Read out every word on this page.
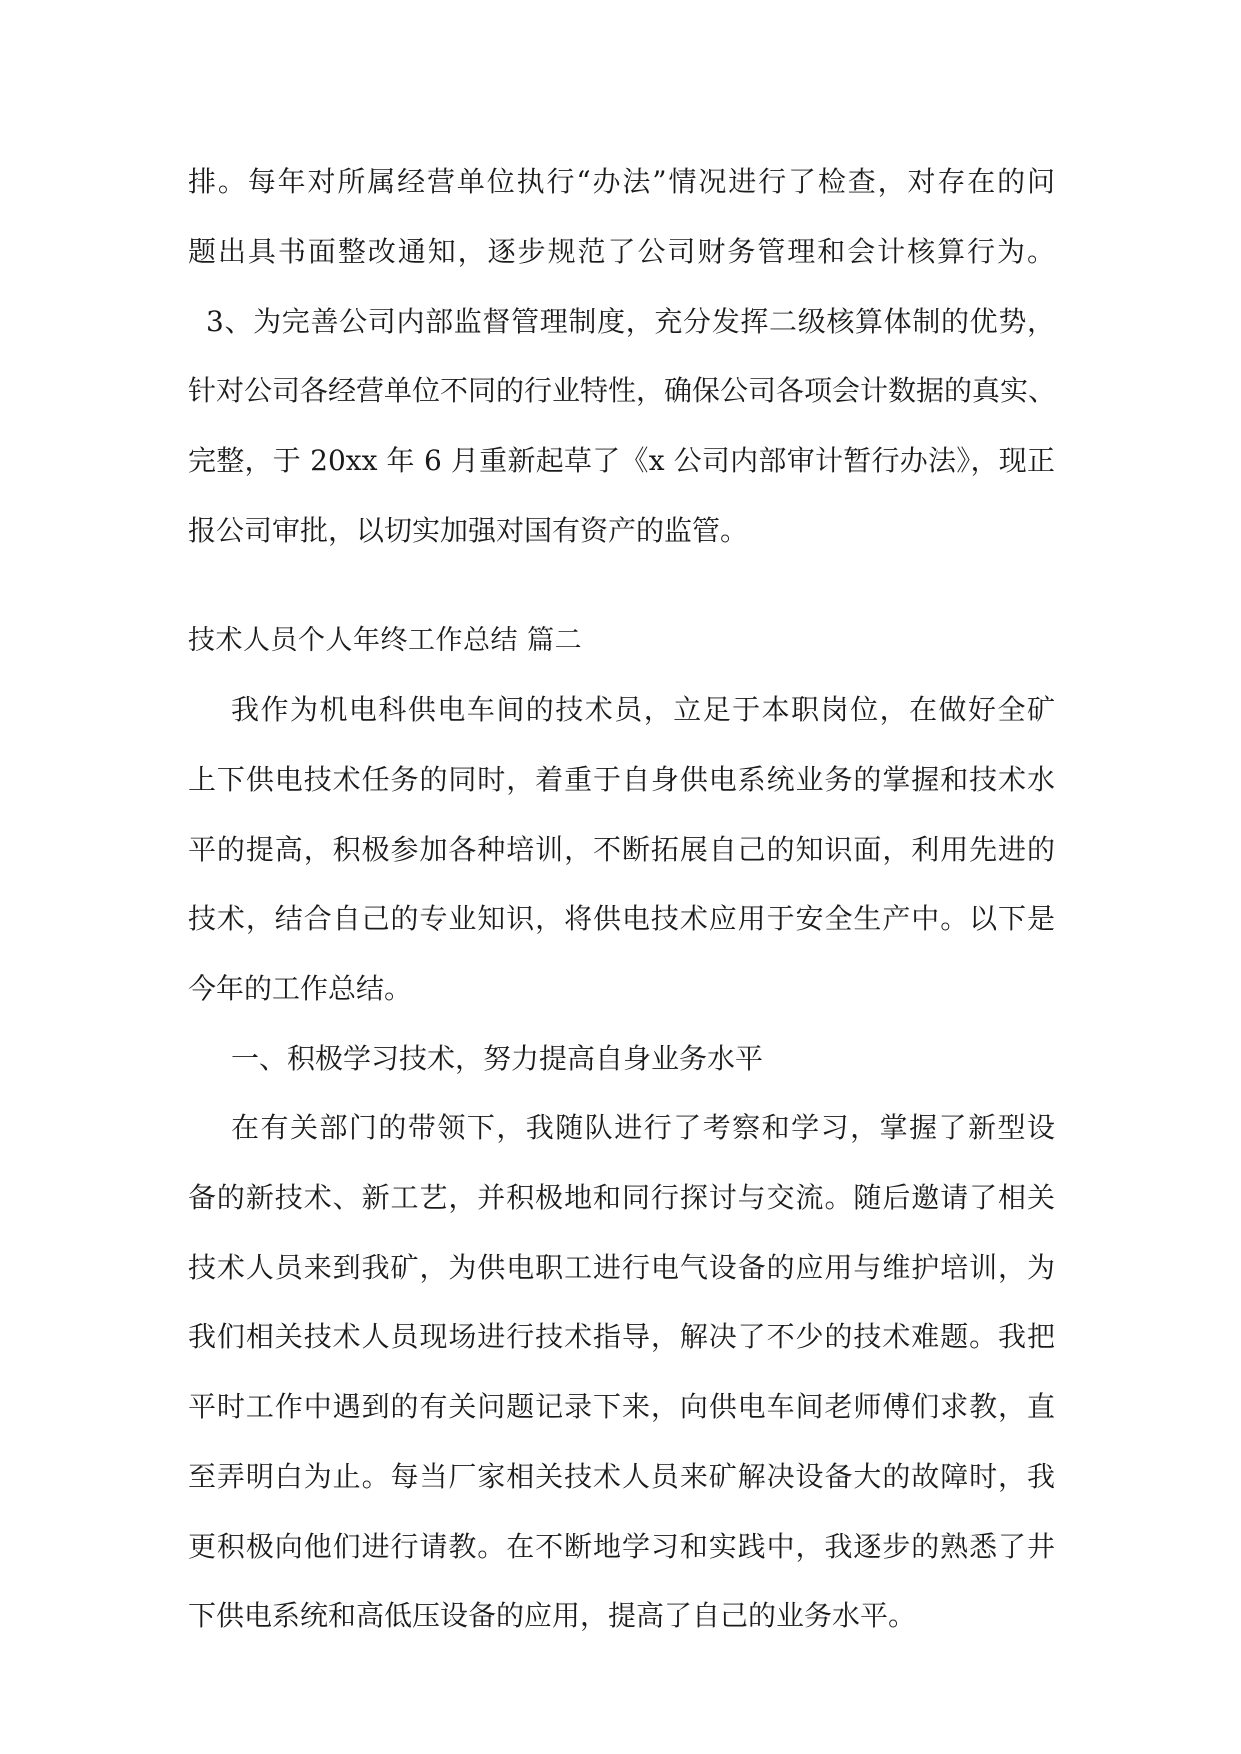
排。每年对所属经营单位执行“办法”情况进行了检查，对存在的问
题出具书面整改通知，逐步规范了公司财务管理和会计核算行为。
3、为完善公司内部监督管理制度，充分发挥二级核算体制的优势，
针对公司各经营单位不同的行业特性，确保公司各项会计数据的真实、
完整，于 20xx 年 6 月重新起草了《x 公司内部审计暂行办法》，现正
报公司审批，以切实加强对国有资产的监管。
技术人员个人年终工作总结 篇二
我作为机电科供电车间的技术员，立足于本职岗位，在做好全矿
上下供电技术任务的同时，着重于自身供电系统业务的掌握和技术水
平的提高，积极参加各种培训，不断拓展自己的知识面，利用先进的
技术，结合自己的专业知识，将供电技术应用于安全生产中。以下是
今年的工作总结。
一、积极学习技术，努力提高自身业务水平
在有关部门的带领下，我随队进行了考察和学习，掌握了新型设
备的新技术、新工艺，并积极地和同行探讨与交流。随后邀请了相关
技术人员来到我矿，为供电职工进行电气设备的应用与维护培训，为
我们相关技术人员现场进行技术指导，解决了不少的技术难题。我把
平时工作中遇到的有关问题记录下来，向供电车间老师傅们求教，直
至弄明白为止。每当厂家相关技术人员来矿解决设备大的故障时，我
更积极向他们进行请教。在不断地学习和实践中，我逐步的熟悉了井
下供电系统和高低压设备的应用，提高了自己的业务水平。
